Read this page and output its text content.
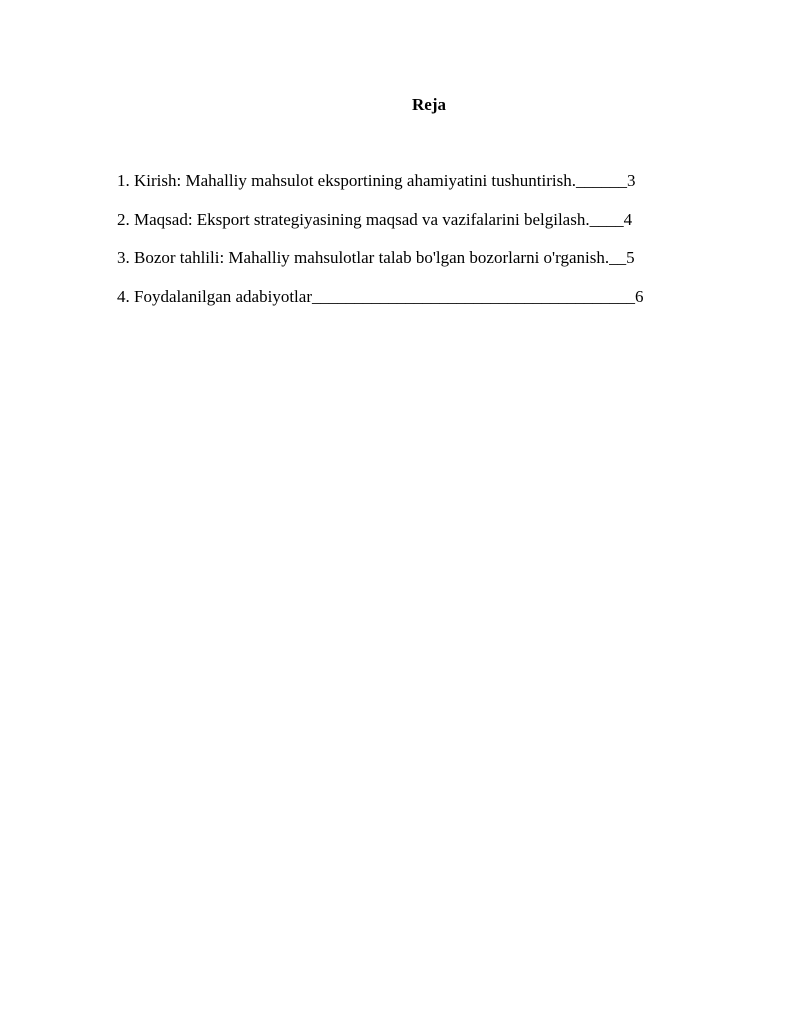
Reja
1. Kirish: Mahalliy mahsulot eksportining ahamiyatini tushuntirish. ______ 3
2. Maqsad: Eksport strategiyasining maqsad va vazifalarini belgilash. ____ 4
3. Bozor tahlili: Mahalliy mahsulotlar talab bo'lgan bozorlarni o'rganish. __ 5
4. Foydalanilgan adabiyotlar ______________________________________ 6
